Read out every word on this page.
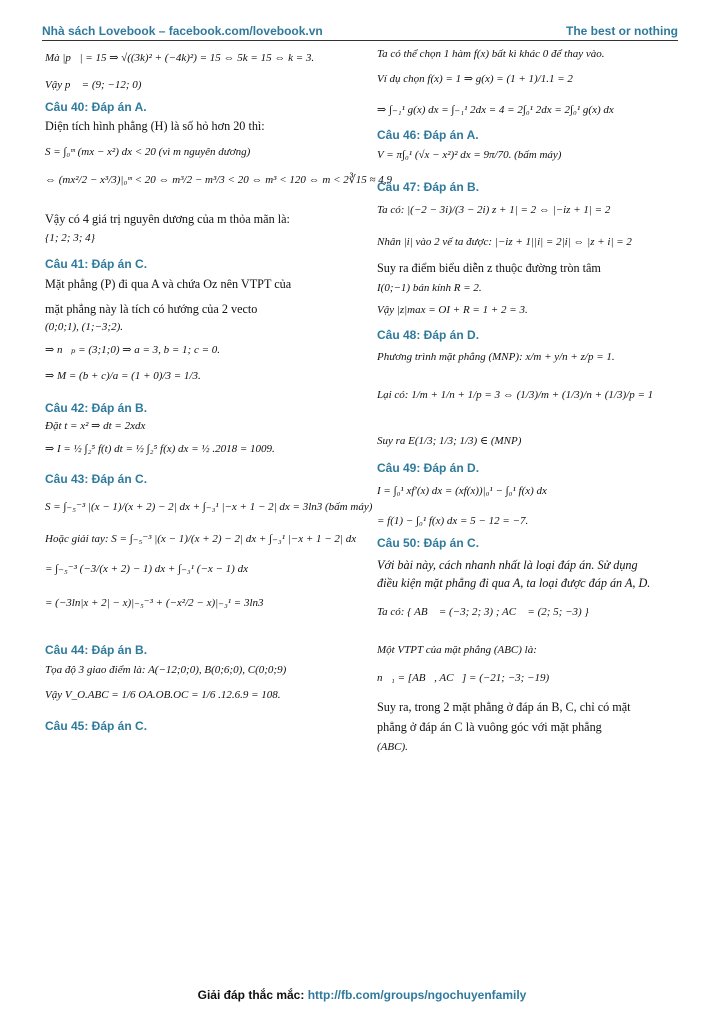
Nhà sách Lovebook – facebook.com/lovebook.vn	The best or nothing
Mà |p⃗| = 15 ⇒ √((3k)² + (−4k)²) = 15 ⇔ 5k = 15 ⇔ k = 3.
Vậy p⃗ = (9; −12; 0)
Câu 40: Đáp án A.
Diện tích hình phẳng (H) là số hỏ hơn 20 thì:
S = ∫₀ᵐ (mx − x²) dx < 20 (vì m nguyên dương)
⇔ (mx²/2 − x³/3)|₀ᵐ < 20 ⇔ m³/2 − m³/3 < 20 ⇔ m³ < 120 ⇔ m < 2∛15 ≈ 4,9
Vậy có 4 giá trị nguyên dương của m thỏa mãn là:
{1; 2; 3; 4}
Câu 41: Đáp án C.
Mặt phẳng (P) đi qua A và chứa Oz nên VTPT của
mặt phẳng này là tích có hướng của 2 vecto
(0;0;1), (1;−3;2).
⇒ n⃗ₚ = (3;1;0) ⇒ a = 3, b = 1; c = 0.
⇒ M = (b + c)/a = (1 + 0)/3 = 1/3.
Câu 42: Đáp án B.
Đặt t = x² ⇒ dt = 2xdx
⇒ I = ½ ∫₂⁵ f(t) dt = ½ ∫₂⁵ f(x) dx = ½ .2018 = 1009.
Câu 43: Đáp án C.
S = ∫₋₅⁻³ |(x − 1)/(x + 2) − 2| dx + ∫₋₃¹ |−x + 1 − 2| dx = 3ln3 (bấm máy)
Hoặc giải tay: S = ∫₋₅⁻³ |(x − 1)/(x + 2) − 2| dx + ∫₋₃¹ |−x + 1 − 2| dx
= ∫₋₅⁻³ (−3/(x + 2) − 1) dx + ∫₋₃¹ (−x − 1) dx
= (−3ln|x + 2| − x)|₋₅⁻³ + (−x²/2 − x)|₋₃¹ = 3ln3
Câu 44: Đáp án B.
Tọa độ 3 giao điểm là: A(−12;0;0), B(0;6;0), C(0;0;9)
Vậy V_O.ABC = 1/6 OA.OB.OC = 1/6 .12.6.9 = 108.
Câu 45: Đáp án C.
Ta có thể chọn 1 hàm f(x) bất kì khác 0 để thay vào.
Ví dụ chọn f(x) = 1 ⇒ g(x) = (1 + 1)/1.1 = 2
⇒ ∫₋₁¹ g(x) dx = ∫₋₁¹ 2dx = 4 = 2∫₀¹ 2dx = 2∫₀¹ g(x) dx
Câu 46: Đáp án A.
V = π∫₀¹ (√x − x²)² dx = 9π/70. (bấm máy)
Câu 47: Đáp án B.
Ta có: |(−2 − 3i)/(3 − 2i) z + 1| = 2 ⇔ |−iz + 1| = 2
Nhân |i| vào 2 vế ta được: |−iz + 1||i| = 2|i| ⇔ |z + i| = 2
Suy ra điểm biểu diễn z thuộc đường tròn tâm
I(0;−1) bán kính R = 2.
Vậy |z|max = OI + R = 1 + 2 = 3.
Câu 48: Đáp án D.
Phương trình mặt phẳng (MNP): x/m + y/n + z/p = 1.
Lại có: 1/m + 1/n + 1/p = 3 ⇔ (1/3)/m + (1/3)/n + (1/3)/p = 1
Suy ra E(1/3; 1/3; 1/3) ∈ (MNP)
Câu 49: Đáp án D.
I = ∫₀¹ xf′(x) dx = (xf(x))|₀¹ − ∫₀¹ f(x) dx
= f(1) − ∫₀¹ f(x) dx = 5 − 12 = −7.
Câu 50: Đáp án C.
Với bài này, cách nhanh nhất là loại đáp án. Sử dụng
điều kiện mặt phẳng đi qua A, ta loại được đáp án A, D.
Ta có: { AB⃗ = (−3; 2; 3) ; AC⃗ = (2; 5; −3) }
Một VTPT của mặt phẳng (ABC) là:
n⃗₁ = [AB⃗, AC⃗] = (−21; −3; −19)
Suy ra, trong 2 mặt phẳng ở đáp án B, C, chỉ có mặt
phẳng ở đáp án C là vuông góc với mặt phẳng
(ABC).
Giải đáp thắc mắc: http://fb.com/groups/ngochuyenfamily
